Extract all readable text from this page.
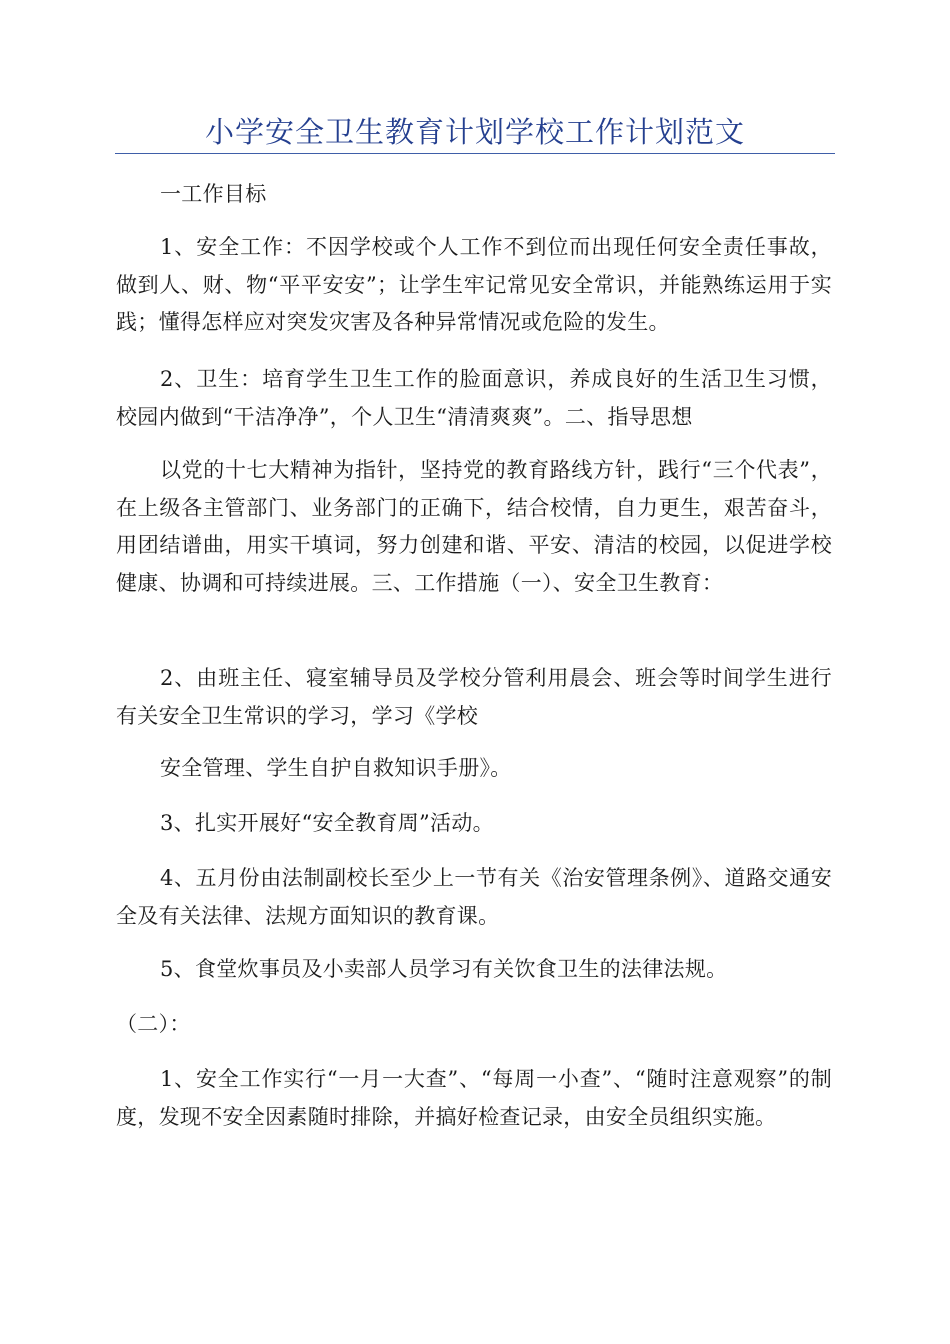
小学安全卫生教育计划学校工作计划范文
一工作目标

1、安全工作：不因学校或个人工作不到位而出现任何安全责任事故，做到人、财、物“平平安安”；让学生牢记常见安全常识，并能熟练运用于实践；懂得怎样应对突发灾害及各种异常情况或危险的发生。

2、卫生：培育学生卫生工作的脸面意识，养成良好的生活卫生习惯，校园内做到“干洁净净”，个人卫生“清清爽爽”。二、指导思想

以党的十七大精神为指针，坚持党的教育路线方针，践行“三个代表”，在上级各主管部门、业务部门的正确下，结合校情，自力更生，艰苦奋斗，用团结谱曲，用实干填词，努力创建和谐、平安、清洁的校园，以促进学校健康、协调和可持续进展。三、工作措施（一）、安全卫生教育：

2、由班主任、寝室辅导员及学校分管利用晨会、班会等时间学生进行有关安全卫生常识的学习，学习《学校

安全管理、学生自护自救知识手册》。
3、扎实开展好“安全教育周”活动。

4、五月份由法制副校长至少上一节有关《治安管理条例》、道路交通安全及有关法律、法规方面知识的教育课。

5、食堂炊事员及小卖部人员学习有关饮食卫生的法律法规。
（二）：

1、安全工作实行“一月一大查”、“每周一小查”、“随时注意观察”的制度，发现不安全因素随时排除，并搞好检查记录，由安全员组织实施。
